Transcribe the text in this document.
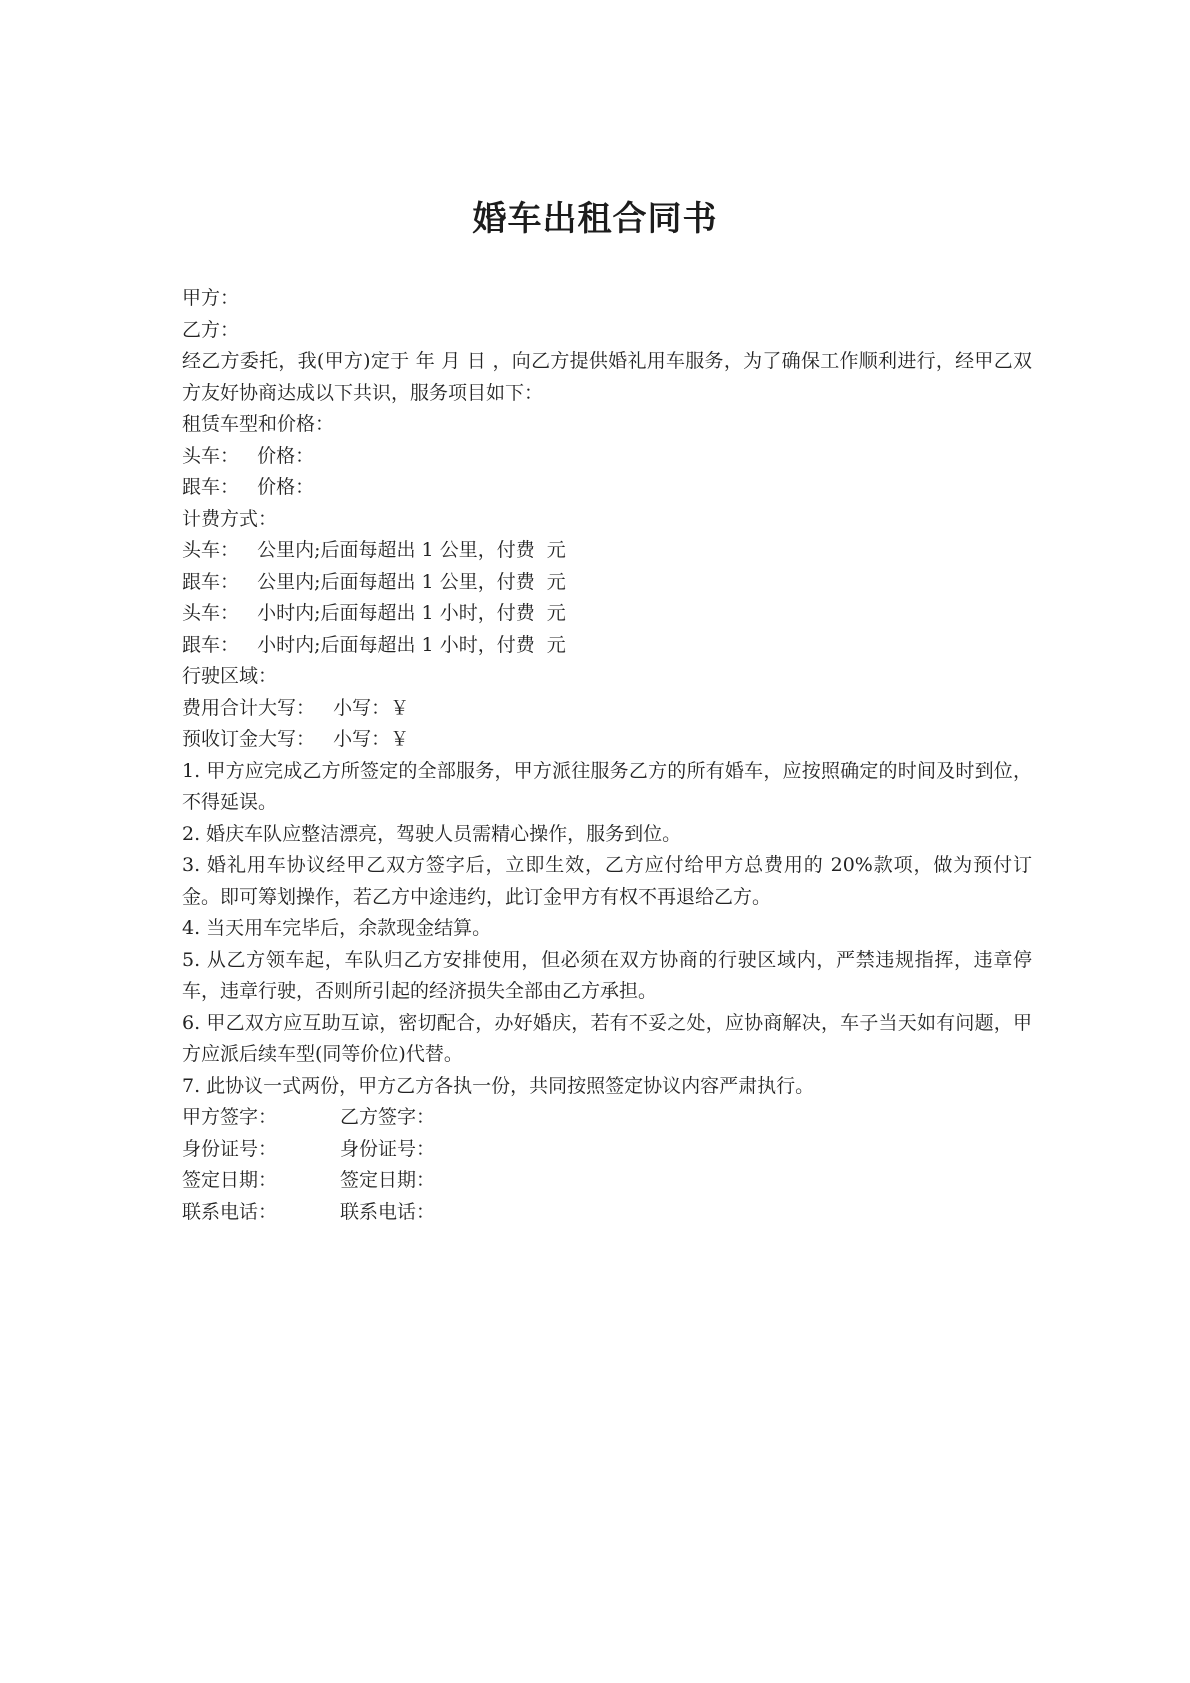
婚车出租合同书
甲方：
乙方：
经乙方委托，我(甲方)定于 年 月 日 ，向乙方提供婚礼用车服务，为了确保工作顺利进行，经甲乙双方友好协商达成以下共识，服务项目如下：
租赁车型和价格：
头车：   价格：
跟车：   价格：
计费方式：
头车：   公里内;后面每超出 1 公里，付费  元
跟车：   公里内;后面每超出 1 公里，付费  元
头车：   小时内;后面每超出 1 小时，付费  元
跟车：   小时内;后面每超出 1 小时，付费  元
行驶区域：
费用合计大写：   小写：￥
预收订金大写：   小写：￥
1. 甲方应完成乙方所签定的全部服务，甲方派往服务乙方的所有婚车，应按照确定的时间及时到位，不得延误。
2. 婚庆车队应整洁漂亮，驾驶人员需精心操作，服务到位。
3. 婚礼用车协议经甲乙双方签字后，立即生效，乙方应付给甲方总费用的 20%款项，做为预付订金。即可筹划操作，若乙方中途违约，此订金甲方有权不再退给乙方。
4. 当天用车完毕后，余款现金结算。
5. 从乙方领车起，车队归乙方安排使用，但必须在双方协商的行驶区域内，严禁违规指挥，违章停车，违章行驶，否则所引起的经济损失全部由乙方承担。
6. 甲乙双方应互助互谅，密切配合，办好婚庆，若有不妥之处，应协商解决，车子当天如有问题，甲方应派后续车型(同等价位)代替。
7. 此协议一式两份，甲方乙方各执一份，共同按照签定协议内容严肃执行。
甲方签字：	乙方签字：
身份证号：	身份证号：
签定日期：	签定日期：
联系电话：	联系电话：
